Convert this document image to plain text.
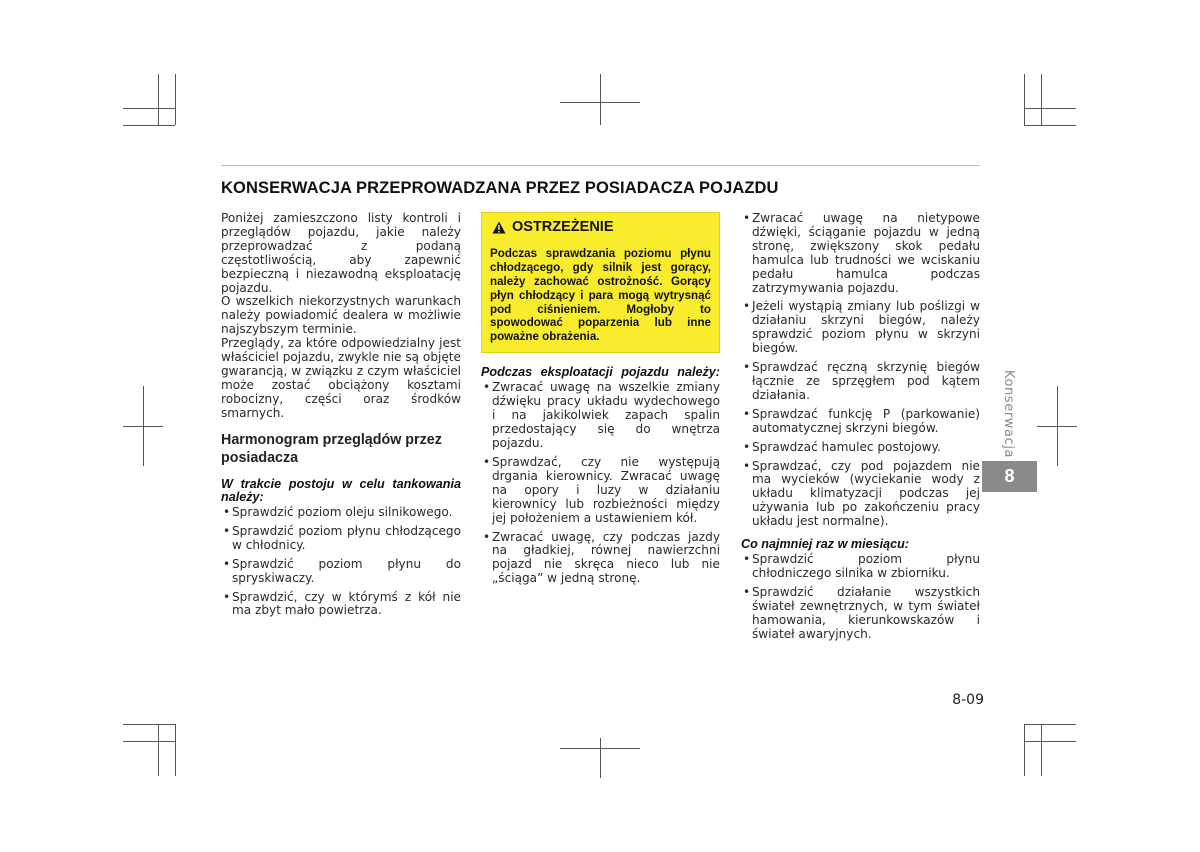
KONSERWACJA PRZEPROWADZANA PRZEZ POSIADACZA POJAZDU

Poniżej zamieszczono listy kontroli i przeglądów pojazdu, jakie należy przeprowadzać z podaną częstotliwością, aby zapewnić bezpieczną i niezawodną eksploatację pojazdu.

O wszelkich niekorzystnych warunkach należy powiadomić dealera w możliwie najszybszym terminie.

Przeglądy, za które odpowiedzialny jest właściciel pojazdu, zwykle nie są objęte gwarancją, w związku z czym właściciel może zostać obciążony kosztami robocizny, części oraz środków smarnych.

Harmonogram przeglądów przez posiadacza

W trakcie postoju w celu tankowania należy:

• Sprawdzić poziom oleju silnikowego.
• Sprawdzić poziom płynu chłodzącego w chłodnicy.
• Sprawdzić poziom płynu do spryskiwaczy.
• Sprawdzić, czy w którymś z kół nie ma zbyt mało powietrza.
OSTRZEŻENIE

Podczas sprawdzania poziomu płynu chłodzącego, gdy silnik jest gorący, należy zachować ostrożność. Gorący płyn chłodzący i para mogą wytrysnąć pod ciśnieniem. Mogłoby to spowodować poparzenia lub inne poważne obrażenia.

Podczas eksploatacji pojazdu należy:

• Zwracać uwagę na wszelkie zmiany dźwięku pracy układu wydechowego i na jakikolwiek zapach spalin przedostający się do wnętrza pojazdu.
• Sprawdzać, czy nie występują drgania kierownicy. Zwracać uwagę na opory i luzy w działaniu kierownicy lub rozbieżności między jej położeniem a ustawieniem kół.
• Zwracać uwagę, czy podczas jazdy na gładkiej, równej nawierzchni pojazd nie skręca nieco lub nie „ściąga” w jedną stronę.
• Zwracać uwagę na nietypowe dźwięki, ściąganie pojazdu w jedną stronę, zwiększony skok pedału hamulca lub trudności we wciskaniu pedału hamulca podczas zatrzymywania pojazdu.
• Jeżeli wystąpią zmiany lub poślizgi w działaniu skrzyni biegów, należy sprawdzić poziom płynu w skrzyni biegów.
• Sprawdzać ręczną skrzynię biegów łącznie ze sprzęgłem pod kątem działania.
• Sprawdzać funkcję P (parkowanie) automatycznej skrzyni biegów.
• Sprawdzać hamulec postojowy.
• Sprawdzać, czy pod pojazdem nie ma wycieków (wyciekanie wody z układu klimatyzacji podczas jej używania lub po zakończeniu pracy układu jest normalne).

Co najmniej raz w miesiącu:

• Sprawdzić poziom płynu chłodniczego silnika w zbiorniku.
• Sprawdzić działanie wszystkich świateł zewnętrznych, w tym świateł hamowania, kierunkowskazów i świateł awaryjnych.
Konserwacja
8
8-09
